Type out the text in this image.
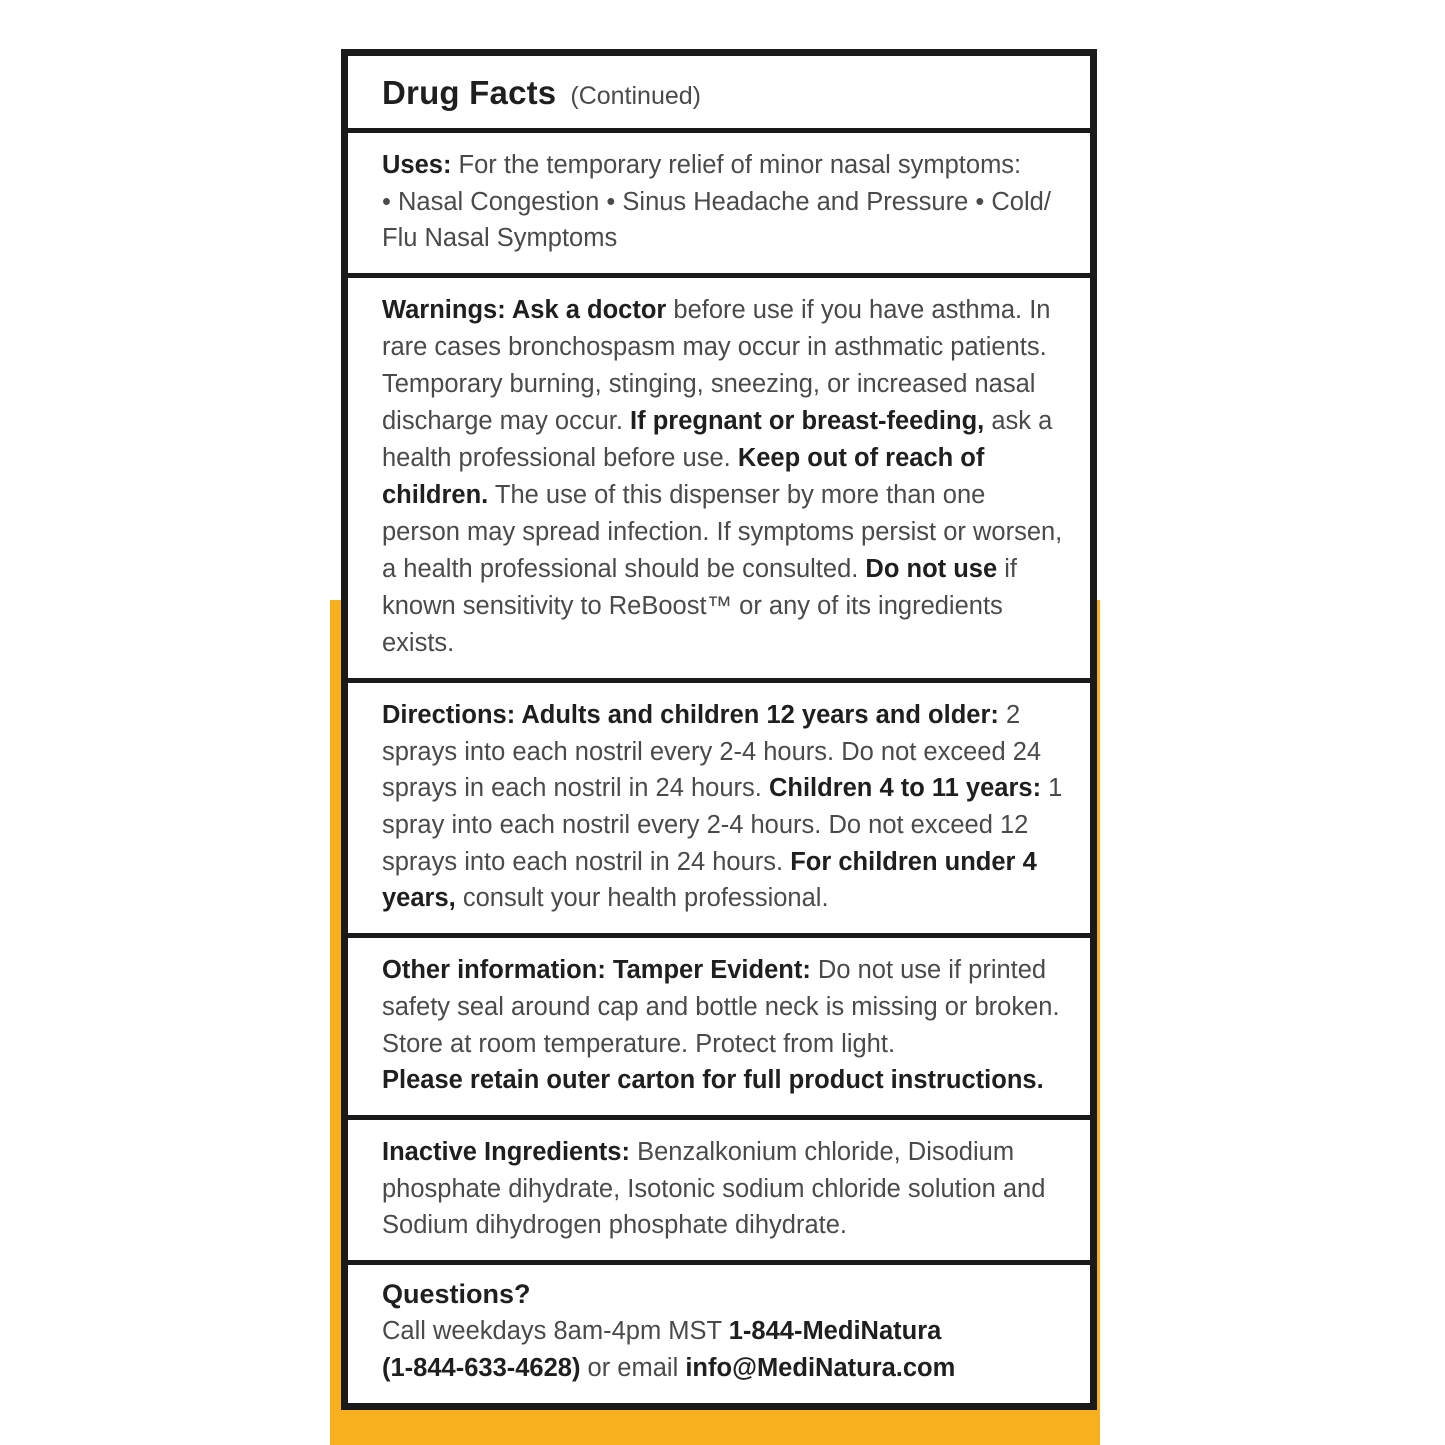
Drug Facts (Continued)
Uses: For the temporary relief of minor nasal symptoms:
• Nasal Congestion • Sinus Headache and Pressure • Cold/ Flu Nasal Symptoms
Warnings: Ask a doctor before use if you have asthma. In rare cases bronchospasm may occur in asthmatic patients. Temporary burning, stinging, sneezing, or increased nasal discharge may occur. If pregnant or breast-feeding, ask a health professional before use. Keep out of reach of children. The use of this dispenser by more than one person may spread infection. If symptoms persist or worsen, a health professional should be consulted. Do not use if known sensitivity to ReBoost™ or any of its ingredients exists.
Directions: Adults and children 12 years and older: 2 sprays into each nostril every 2-4 hours. Do not exceed 24 sprays in each nostril in 24 hours. Children 4 to 11 years: 1 spray into each nostril every 2-4 hours. Do not exceed 12 sprays into each nostril in 24 hours. For children under 4 years, consult your health professional.
Other information: Tamper Evident: Do not use if printed safety seal around cap and bottle neck is missing or broken.
Store at room temperature. Protect from light.
Please retain outer carton for full product instructions.
Inactive Ingredients: Benzalkonium chloride, Disodium phosphate dihydrate, Isotonic sodium chloride solution and Sodium dihydrogen phosphate dihydrate.
Questions?
Call weekdays 8am-4pm MST 1-844-MediNatura
(1-844-633-4628) or email info@MediNatura.com
